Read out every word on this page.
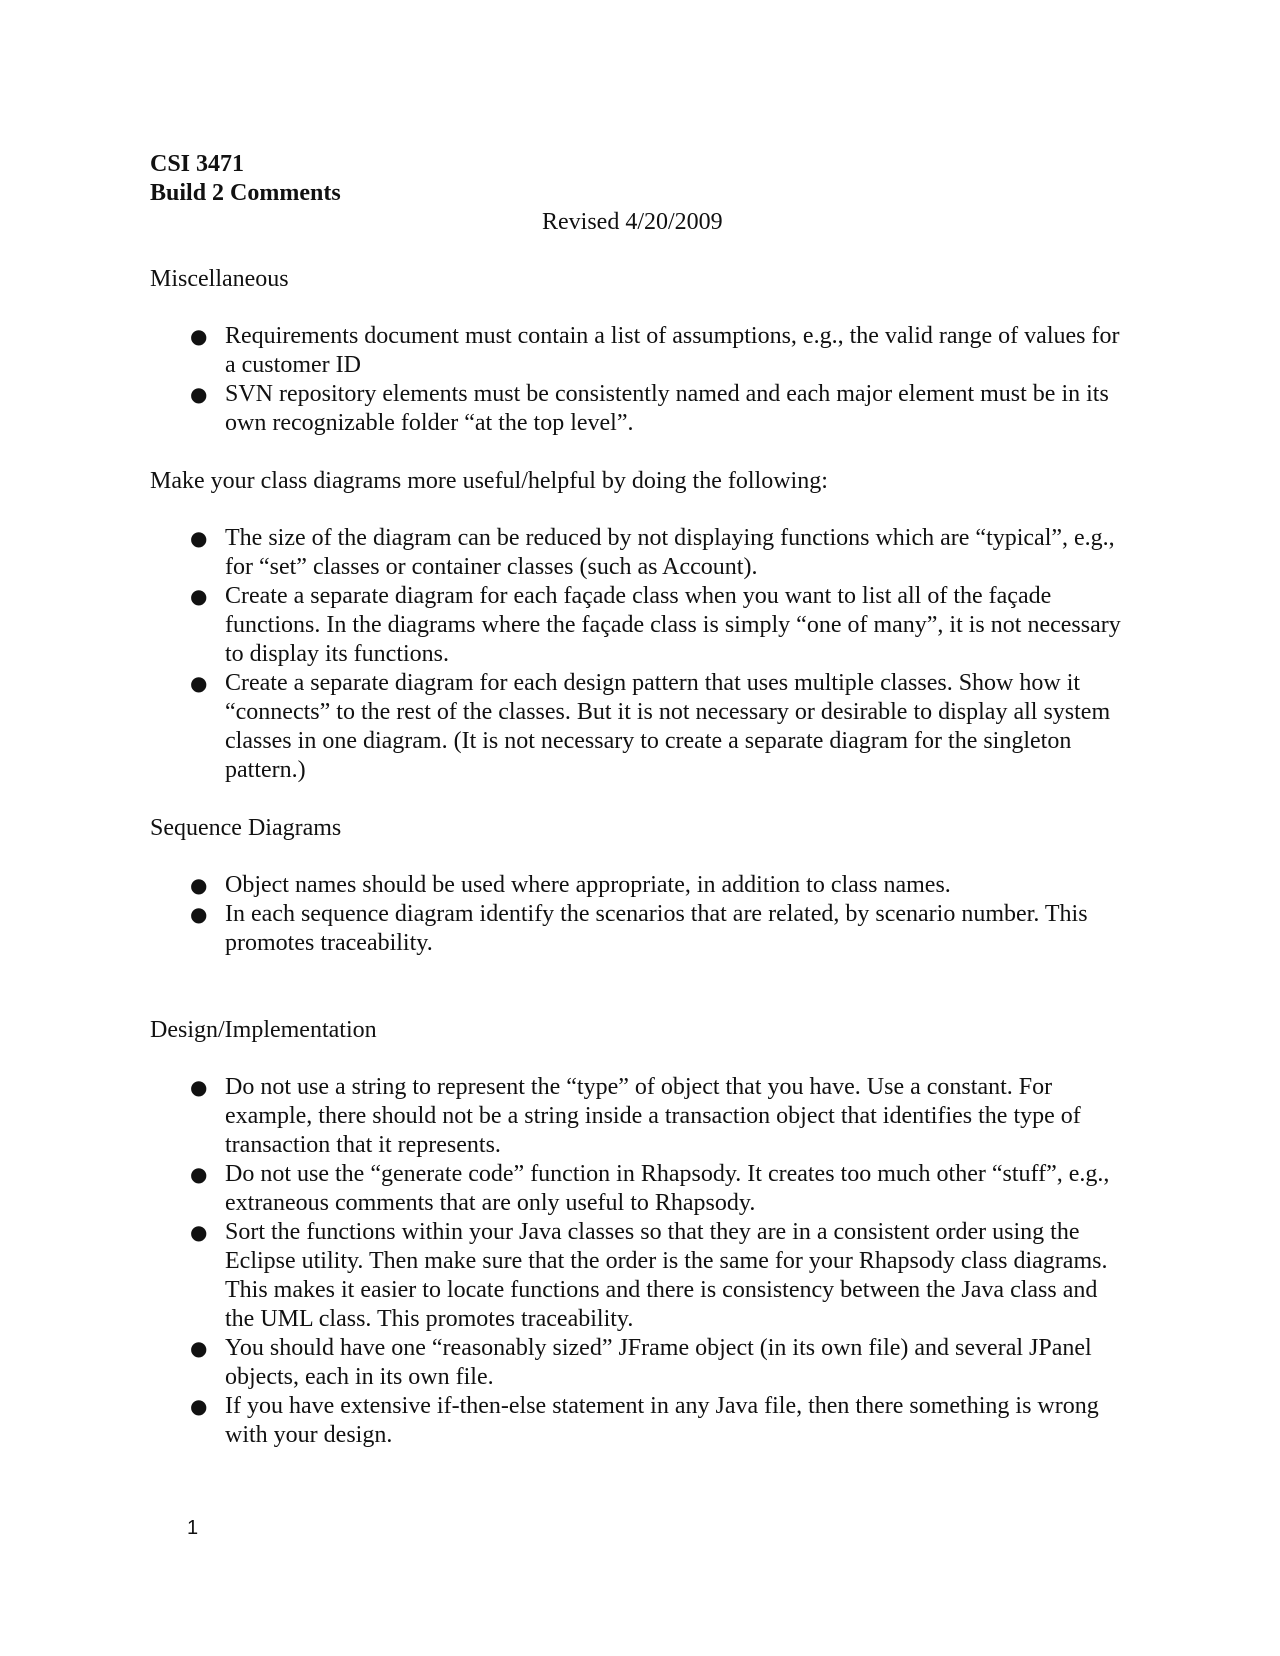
CSI 3471

Build 2 Comments

Revised 4/20/2009

Miscellaneous

● Requirements document must contain a list of assumptions, e.g., the valid range of values for a customer ID
● SVN repository elements must be consistently named and each major element must be in its own recognizable folder “at the top level”.

Make your class diagrams more useful/helpful by doing the following:

● The size of the diagram can be reduced by not displaying functions which are “typical”, e.g., for “set” classes or container classes (such as Account).
● Create a separate diagram for each façade class when you want to list all of the façade functions. In the diagrams where the façade class is simply “one of many”, it is not necessary to display its functions.
● Create a separate diagram for each design pattern that uses multiple classes. Show how it “connects” to the rest of the classes. But it is not necessary or desirable to display all system classes in one diagram. (It is not necessary to create a separate diagram for the singleton pattern.)

Sequence Diagrams

● Object names should be used where appropriate, in addition to class names.
● In each sequence diagram identify the scenarios that are related, by scenario number. This promotes traceability.

Design/Implementation

● Do not use a string to represent the “type” of object that you have. Use a constant. For example, there should not be a string inside a transaction object that identifies the type of transaction that it represents.
● Do not use the “generate code” function in Rhapsody. It creates too much other “stuff”, e.g., extraneous comments that are only useful to Rhapsody.
● Sort the functions within your Java classes so that they are in a consistent order using the Eclipse utility. Then make sure that the order is the same for your Rhapsody class diagrams. This makes it easier to locate functions and there is consistency between the Java class and the UML class. This promotes traceability.
● You should have one “reasonably sized” JFrame object (in its own file) and several JPanel objects, each in its own file.
● If you have extensive if-then-else statement in any Java file, then there something is wrong with your design.
1
